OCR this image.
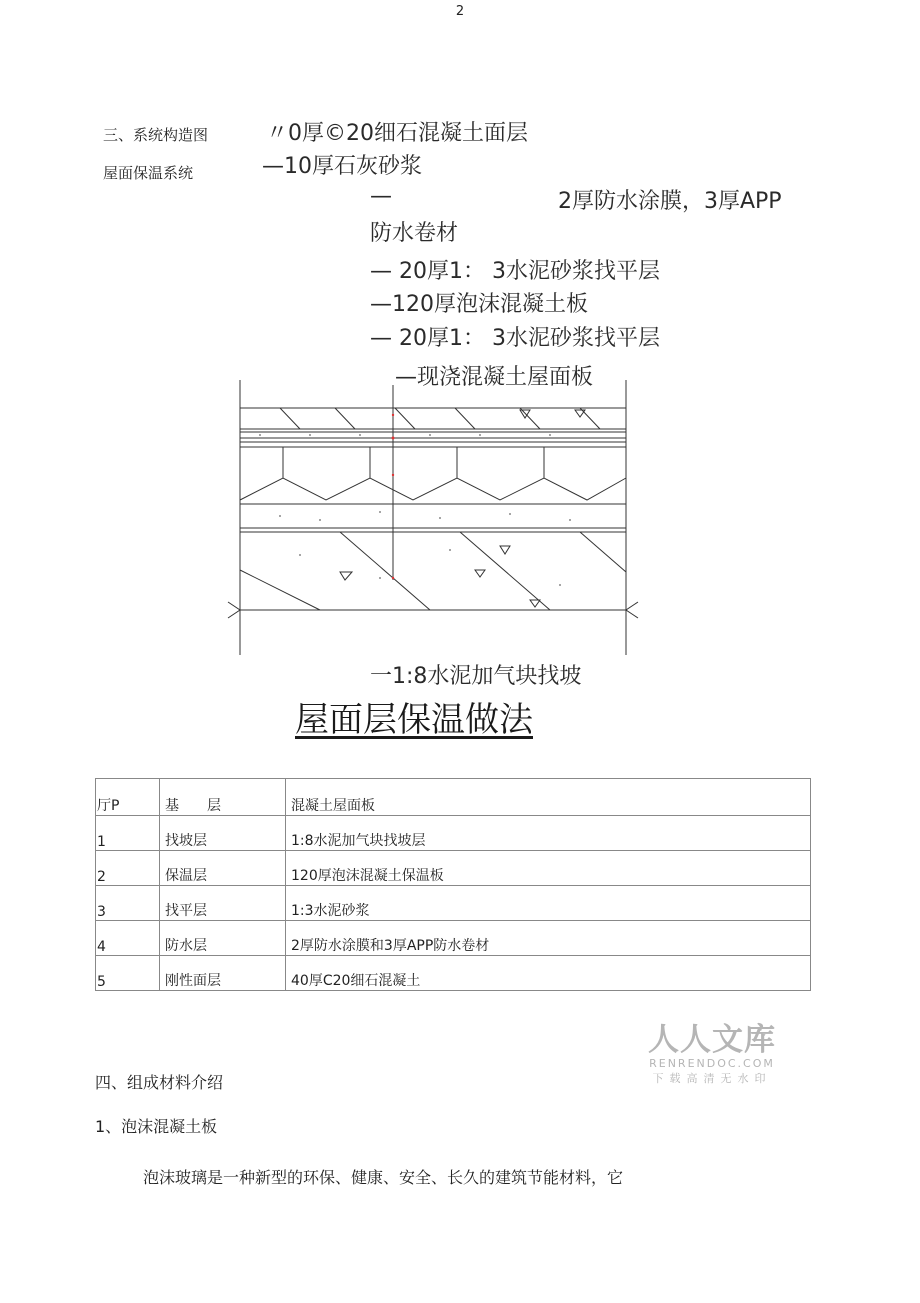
2
三、系统构造图
屋面保温系统
〃0厚©20细石混凝土面层
—10厚石灰砂浆
—	2厚防水涂膜，3厚APP
防水卷材
— 20厚1： 3水泥砂浆找平层
—120厚泡沫混凝土板
— 20厚1： 3水泥砂浆找平层
—现浇混凝土屋面板
一1:8水泥加气块找坡
屋面层保温做法
厅P	基　　层	混凝土屋面板
1	找坡层	1:8水泥加气块找坡层
2	保温层	120厚泡沫混凝土保温板
3	找平层	1:3水泥砂浆
4	防水层	2厚防水涂膜和3厚APP防水卷材
5	刚性面层	40厚C20细石混凝土
人人文库
RENRENDOC.COM
下载高清无水印
四、组成材料介绍
1、泡沫混凝土板
泡沫玻璃是一种新型的环保、健康、安全、长久的建筑节能材料，它
